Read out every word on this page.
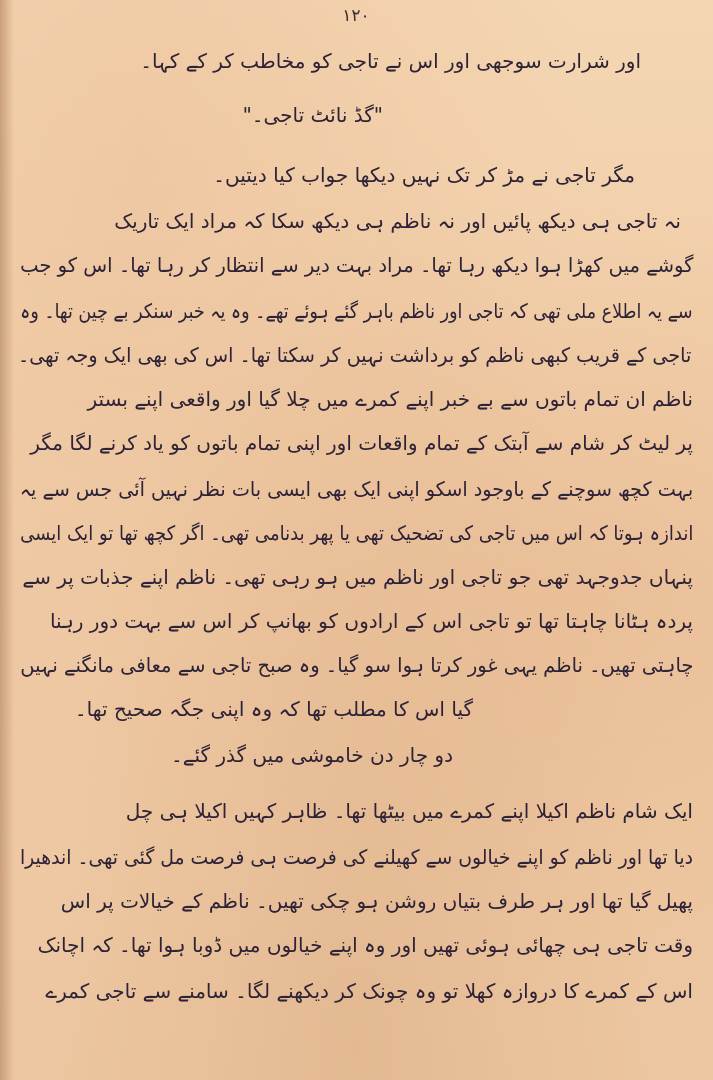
۱۲۰
اور شرارت سوجھی اور اس نے تاجی کو مخاطب کر کے کہا۔
"گڈ نائٹ تاجی۔"
مگر تاجی نے مڑ کر تک نہیں دیکھا جواب کیا دیتیں۔
نہ تاجی ہی دیکھ پائیں اور نہ ناظم ہی دیکھ سکا کہ مراد ایک تاریک
گوشے میں کھڑا ہوا دیکھ رہا تھا۔ مراد بہت دیر سے انتظار کر رہا تھا۔ اس کو جب
سے یہ اطلاع ملی تھی کہ تاجی اور ناظم باہر گئے ہوئے تھے۔ وہ یہ خبر سنکر بے چین تھا۔ وہ
تاجی کے قریب کبھی ناظم کو برداشت نہیں کر سکتا تھا۔ اس کی بھی ایک وجہ تھی۔
ناظم ان تمام باتوں سے بے خبر اپنے کمرے میں چلا گیا اور واقعی اپنے بستر
پر لیٹ کر شام سے آبتک کے تمام واقعات اور اپنی تمام باتوں کو یاد کرنے لگا مگر
بہت کچھ سوچنے کے باوجود اسکو اپنی ایک بھی ایسی بات نظر نہیں آئی جس سے یہ
اندازہ ہوتا کہ اس میں تاجی کی تضحیک تھی یا پھر بدنامی تھی۔ اگر کچھ تھا تو ایک ایسی
پنہاں جدوجہد تھی جو تاجی اور ناظم میں ہو رہی تھی۔ ناظم اپنے جذبات پر سے
پردہ ہٹانا چاہتا تھا تو تاجی اس کے ارادوں کو بھانپ کر اس سے بہت دور رہنا
چاہتی تھیں۔ ناظم یہی غور کرتا ہوا سو گیا۔ وہ صبح تاجی سے معافی مانگنے نہیں
گیا اس کا مطلب تھا کہ وہ اپنی جگہ صحیح تھا۔
دو چار دن خاموشی میں گذر گئے۔
ایک شام ناظم اکیلا اپنے کمرے میں بیٹھا تھا۔ ظاہر کہیں اکیلا ہی چل
دیا تھا اور ناظم کو اپنے خیالوں سے کھیلنے کی فرصت ہی فرصت مل گئی تھی۔ اندھیرا
پھیل گیا تھا اور ہر طرف بتیاں روشن ہو چکی تھیں۔ ناظم کے خیالات پر اس
وقت تاجی ہی چھائی ہوئی تھیں اور وہ اپنے خیالوں میں ڈوبا ہوا تھا۔ کہ اچانک
اس کے کمرے کا دروازہ کھلا تو وہ چونک کر دیکھنے لگا۔ سامنے سے تاجی کمرے
